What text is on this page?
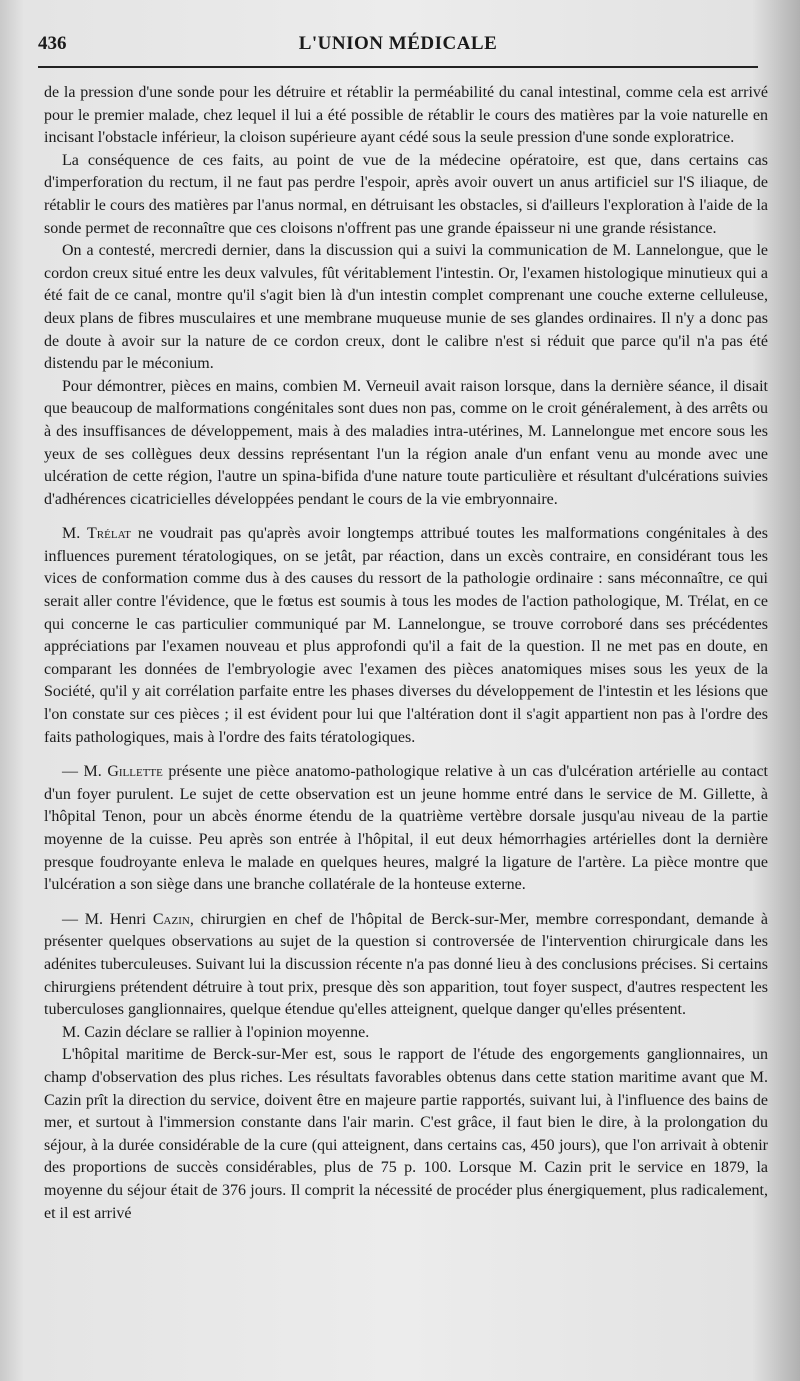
436	L'UNION MÉDICALE

de la pression d'une sonde pour les détruire et rétablir la perméabilité du canal intestinal, comme cela est arrivé pour le premier malade, chez lequel il lui a été possible de rétablir le cours des matières par la voie naturelle en incisant l'obstacle inférieur, la cloison supérieure ayant cédé sous la seule pression d'une sonde exploratrice.

La conséquence de ces faits, au point de vue de la médecine opératoire, est que, dans certains cas d'imperforation du rectum, il ne faut pas perdre l'espoir, après avoir ouvert un anus artificiel sur l'S iliaque, de rétablir le cours des matières par l'anus normal, en détruisant les obstacles, si d'ailleurs l'exploration à l'aide de la sonde permet de reconnaître que ces cloisons n'offrent pas une grande épaisseur ni une grande résistance.

On a contesté, mercredi dernier, dans la discussion qui a suivi la communication de M. Lannelongue, que le cordon creux situé entre les deux valvules, fût véritablement l'intestin. Or, l'examen histologique minutieux qui a été fait de ce canal, montre qu'il s'agit bien là d'un intestin complet comprenant une couche externe celluleuse, deux plans de fibres musculaires et une membrane muqueuse munie de ses glandes ordinaires. Il n'y a donc pas de doute à avoir sur la nature de ce cordon creux, dont le calibre n'est si réduit que parce qu'il n'a pas été distendu par le méconium.

Pour démontrer, pièces en mains, combien M. Verneuil avait raison lorsque, dans la dernière séance, il disait que beaucoup de malformations congénitales sont dues non pas, comme on le croit généralement, à des arrêts ou à des insuffisances de développement, mais à des maladies intra-utérines, M. Lannelongue met encore sous les yeux de ses collègues deux dessins représentant l'un la région anale d'un enfant venu au monde avec une ulcération de cette région, l'autre un spina-bifida d'une nature toute particulière et résultant d'ulcérations suivies d'adhérences cicatricielles développées pendant le cours de la vie embryonnaire.

M. Trélat ne voudrait pas qu'après avoir longtemps attribué toutes les malformations congénitales à des influences purement tératologiques, on se jetât, par réaction, dans un excès contraire, en considérant tous les vices de conformation comme dus à des causes du ressort de la pathologie ordinaire : sans méconnaître, ce qui serait aller contre l'évidence, que le fœtus est soumis à tous les modes de l'action pathologique, M. Trélat, en ce qui concerne le cas particulier communiqué par M. Lannelongue, se trouve corroboré dans ses précédentes appréciations par l'examen nouveau et plus approfondi qu'il a fait de la question. Il ne met pas en doute, en comparant les données de l'embryologie avec l'examen des pièces anatomiques mises sous les yeux de la Société, qu'il y ait corrélation parfaite entre les phases diverses du développement de l'intestin et les lésions que l'on constate sur ces pièces ; il est évident pour lui que l'altération dont il s'agit appartient non pas à l'ordre des faits pathologiques, mais à l'ordre des faits tératologiques.

— M. Gillette présente une pièce anatomo-pathologique relative à un cas d'ulcération artérielle au contact d'un foyer purulent. Le sujet de cette observation est un jeune homme entré dans le service de M. Gillette, à l'hôpital Tenon, pour un abcès énorme étendu de la quatrième vertèbre dorsale jusqu'au niveau de la partie moyenne de la cuisse. Peu après son entrée à l'hôpital, il eut deux hémorrhagies artérielles dont la dernière presque foudroyante enleva le malade en quelques heures, malgré la ligature de l'artère. La pièce montre que l'ulcération a son siège dans une branche collatérale de la honteuse externe.

— M. Henri Cazin, chirurgien en chef de l'hôpital de Berck-sur-Mer, membre correspondant, demande à présenter quelques observations au sujet de la question si controversée de l'intervention chirurgicale dans les adénites tuberculeuses. Suivant lui la discussion récente n'a pas donné lieu à des conclusions précises. Si certains chirurgiens prétendent détruire à tout prix, presque dès son apparition, tout foyer suspect, d'autres respectent les tuberculoses ganglionnaires, quelque étendue qu'elles atteignent, quelque danger qu'elles présentent.

M. Cazin déclare se rallier à l'opinion moyenne.

L'hôpital maritime de Berck-sur-Mer est, sous le rapport de l'étude des engorgements ganglionnaires, un champ d'observation des plus riches. Les résultats favorables obtenus dans cette station maritime avant que M. Cazin prît la direction du service, doivent être en majeure partie rapportés, suivant lui, à l'influence des bains de mer, et surtout à l'immersion constante dans l'air marin. C'est grâce, il faut bien le dire, à la prolongation du séjour, à la durée considérable de la cure (qui atteignent, dans certains cas, 450 jours), que l'on arrivait à obtenir des proportions de succès considérables, plus de 75 p. 100. Lorsque M. Cazin prit le service en 1879, la moyenne du séjour était de 376 jours. Il comprit la nécessité de procéder plus énergiquement, plus radicalement, et il est arrivé
